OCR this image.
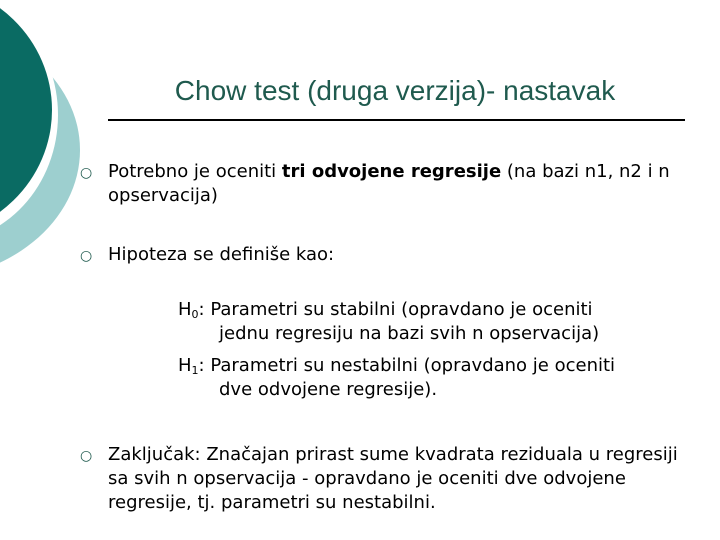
Chow test (druga verzija)- nastavak
○ Potrebno je oceniti tri odvojene regresije (na bazi n1, n2 i n opservacija)
○ Hipoteza se definiše kao:
$H_0$: Parametri su stabilni (opravdano je oceniti
jednu regresiju na bazi svih n opservacija)
$H_1$: Parametri su nestabilni (opravdano je oceniti
dve odvojene regresije).
○ Zaključak: Značajan prirast sume kvadrata reziduala u regresiji sa svih n opservacija - opravdano je oceniti dve odvojene regresije, tj. parametri su nestabilni.
